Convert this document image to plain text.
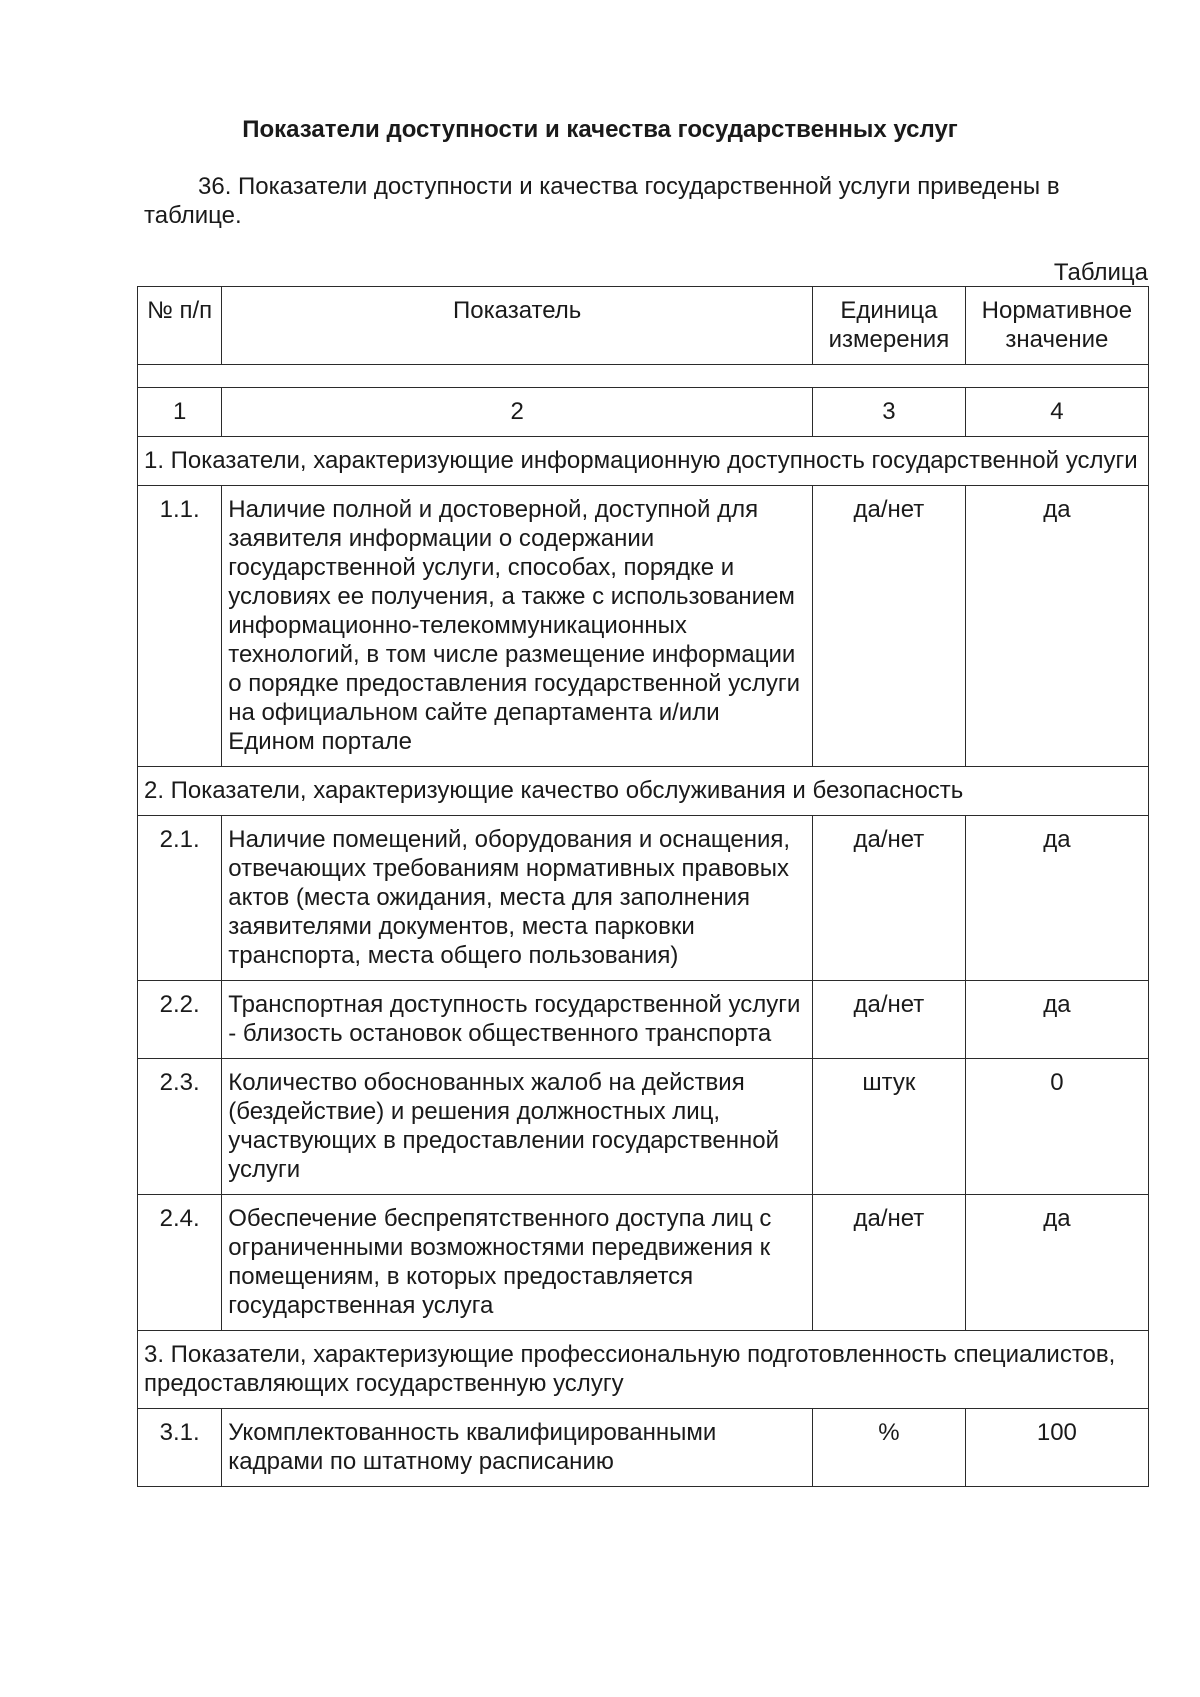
Показатели доступности и качества государственных услуг

36. Показатели доступности и качества государственной услуги приведены в таблице.

Таблица
№ п/п	Показатель	Единица измерения	Нормативное значение

1	2	3	4
1. Показатели, характеризующие информационную доступность государственной услуги			
1.1.	Наличие полной и достоверной, доступной для заявителя информации о содержании государственной услуги, способах, порядке и условиях ее получения, а также с использованием информационно-телекоммуникационных технологий, в том числе размещение информации о порядке предоставления государственной услуги на официальном сайте департамента и/или Едином портале	да/нет	да
2. Показатели, характеризующие качество обслуживания и безопасность			
2.1.	Наличие помещений, оборудования и оснащения, отвечающих требованиям нормативных правовых актов (места ожидания, места для заполнения заявителями документов, места парковки транспорта, места общего пользования)	да/нет	да
2.2.	Транспортная доступность государственной услуги - близость остановок общественного транспорта	да/нет	да
2.3.	Количество обоснованных жалоб на действия (бездействие) и решения должностных лиц, участвующих в предоставлении государственной услуги	штук	0
2.4.	Обеспечение беспрепятственного доступа лиц с ограниченными возможностями передвижения к помещениям, в которых предоставляется государственная услуга	да/нет	да
3. Показатели, характеризующие профессиональную подготовленность специалистов, предоставляющих государственную услугу			
3.1.	Укомплектованность квалифицированными кадрами по штатному расписанию	%	100
